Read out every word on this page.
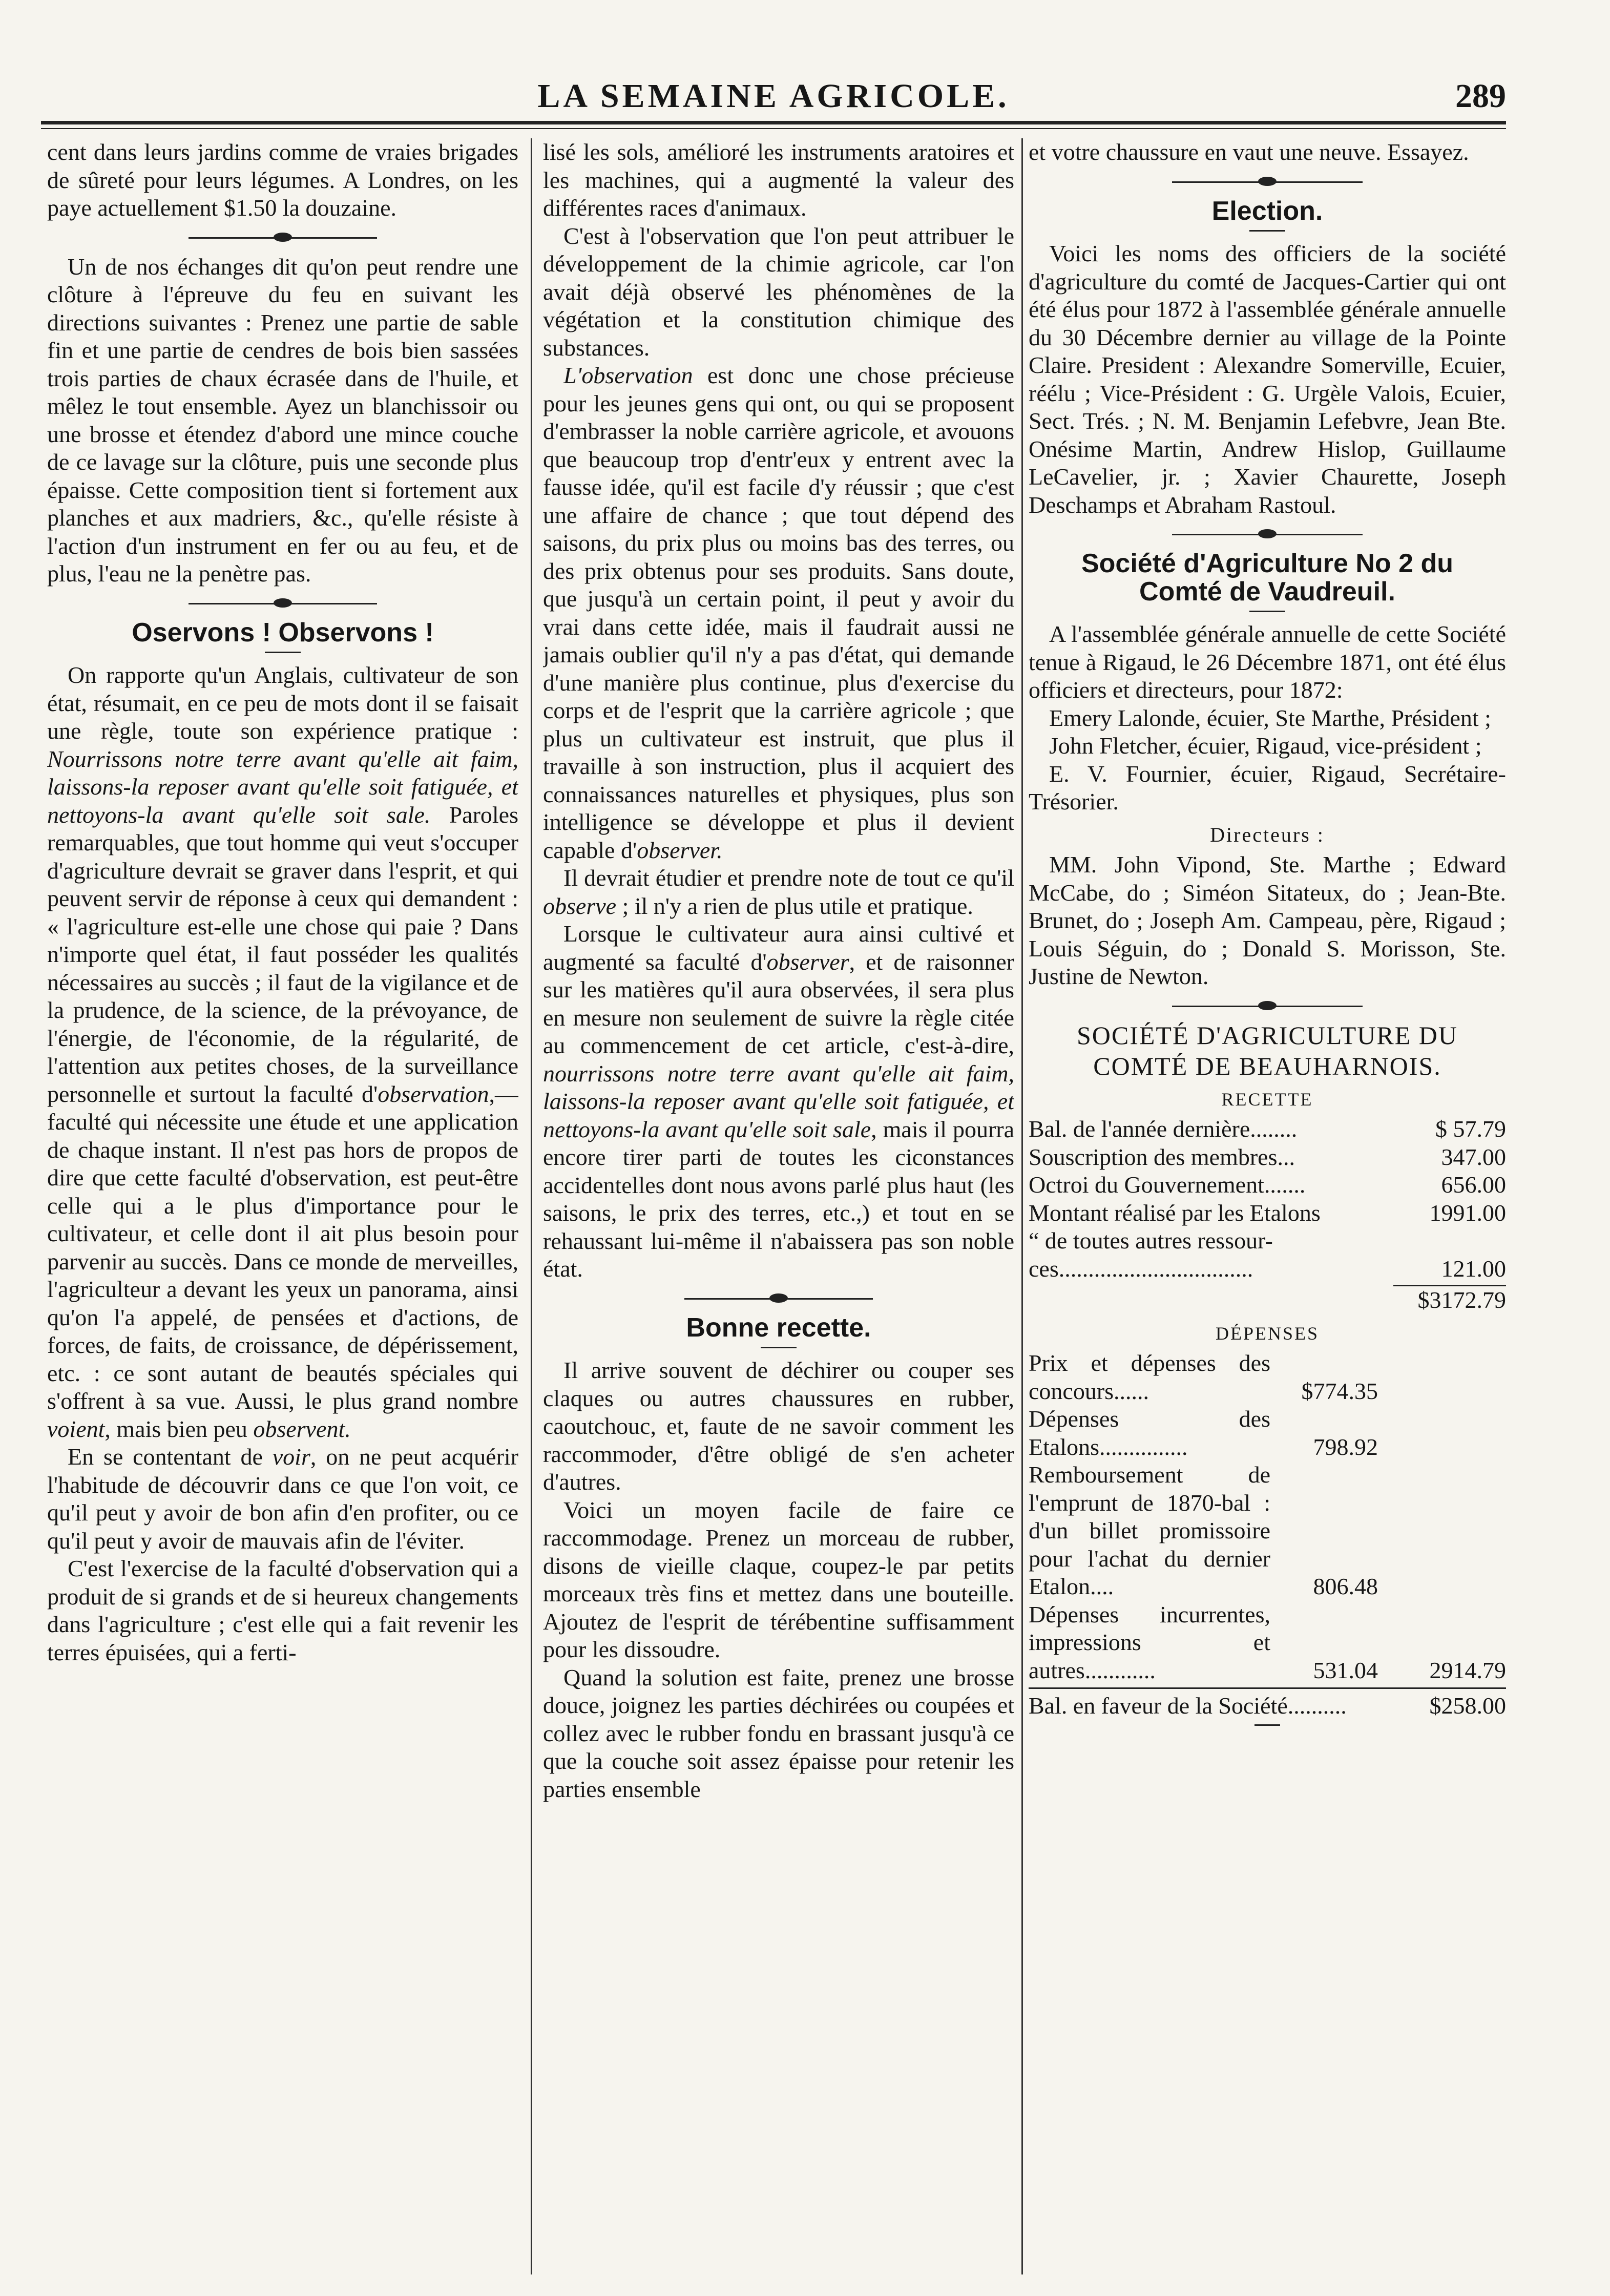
LA SEMAINE AGRICOLE.	289

cent dans leurs jardins comme de vraies brigades de sûreté pour leurs légumes. A Londres, on les paye actuellement $1.50 la douzaine.

Un de nos échanges dit qu'on peut rendre une clôture à l'épreuve du feu en suivant les directions suivantes : Prenez une partie de sable fin et une partie de cendres de bois bien sassées trois parties de chaux écrasée dans de l'huile, et mêlez le tout ensemble. Ayez un blanchissoir ou une brosse et étendez d'abord une mince couche de ce lavage sur la clôture, puis une seconde plus épaisse. Cette composition tient si fortement aux planches et aux madriers, &c., qu'elle résiste à l'action d'un instrument en fer ou au feu, et de plus, l'eau ne la penètre pas.

Oservons ! Observons !

On rapporte qu'un Anglais, cultivateur de son état, résumait, en ce peu de mots dont il se faisait une règle, toute son expérience pratique : Nourrissons notre terre avant qu'elle ait faim, laissons-la reposer avant qu'elle soit fatiguée, et nettoyons-la avant qu'elle soit sale. Paroles remarquables, que tout homme qui veut s'occuper d'agriculture devrait se graver dans l'esprit, et qui peuvent servir de réponse à ceux qui demandent : « l'agriculture est-elle une chose qui paie ? Dans n'importe quel état, il faut posséder les qualités nécessaires au succès ; il faut de la vigilance et de la prudence, de la science, de la prévoyance, de l'énergie, de l'économie, de la régularité, de l'attention aux petites choses, de la surveillance personnelle et surtout la faculté d'observation,—faculté qui nécessite une étude et une application de chaque instant. Il n'est pas hors de propos de dire que cette faculté d'observation, est peut-être celle qui a le plus d'importance pour le cultivateur, et celle dont il ait plus besoin pour parvenir au succès. Dans ce monde de merveilles, l'agriculteur a devant les yeux un panorama, ainsi qu'on l'a appelé, de pensées et d'actions, de forces, de faits, de croissance, de dépérissement, etc. : ce sont autant de beautés spéciales qui s'offrent à sa vue. Aussi, le plus grand nombre voient, mais bien peu observent.

En se contentant de voir, on ne peut acquérir l'habitude de découvrir dans ce que l'on voit, ce qu'il peut y avoir de bon afin d'en profiter, ou ce qu'il peut y avoir de mauvais afin de l'éviter.

C'est l'exercise de la faculté d'observation qui a produit de si grands et de si heureux changements dans l'agriculture ; c'est elle qui a fait revenir les terres épuisées, qui a ferti-

lisé les sols, amélioré les instruments aratoires et les machines, qui a augmenté la valeur des différentes races d'animaux.

C'est à l'observation que l'on peut attribuer le développement de la chimie agricole, car l'on avait déjà observé les phénomènes de la végétation et la constitution chimique des substances.

L'observation est donc une chose précieuse pour les jeunes gens qui ont, ou qui se proposent d'embrasser la noble carrière agricole, et avouons que beaucoup trop d'entr'eux y entrent avec la fausse idée, qu'il est facile d'y réussir ; que c'est une affaire de chance ; que tout dépend des saisons, du prix plus ou moins bas des terres, ou des prix obtenus pour ses produits. Sans doute, que jusqu'à un certain point, il peut y avoir du vrai dans cette idée, mais il faudrait aussi ne jamais oublier qu'il n'y a pas d'état, qui demande d'une manière plus continue, plus d'exercise du corps et de l'esprit que la carrière agricole ; que plus un cultivateur est instruit, que plus il travaille à son instruction, plus il acquiert des connaissances naturelles et physiques, plus son intelligence se développe et plus il devient capable d'observer.

Il devrait étudier et prendre note de tout ce qu'il observe ; il n'y a rien de plus utile et pratique.

Lorsque le cultivateur aura ainsi cultivé et augmenté sa faculté d'observer, et de raisonner sur les matières qu'il aura observées, il sera plus en mesure non seulement de suivre la règle citée au commencement de cet article, c'est-à-dire, nourrissons notre terre avant qu'elle ait faim, laissons-la reposer avant qu'elle soit fatiguée, et nettoyons-la avant qu'elle soit sale, mais il pourra encore tirer parti de toutes les ciconstances accidentelles dont nous avons parlé plus haut (les saisons, le prix des terres, etc.,) et tout en se rehaussant lui-même il n'abaissera pas son noble état.

Bonne recette.

Il arrive souvent de déchirer ou couper ses claques ou autres chaussures en rubber, caoutchouc, et, faute de ne savoir comment les raccommoder, d'être obligé de s'en acheter d'autres.

Voici un moyen facile de faire ce raccommodage. Prenez un morceau de rubber, disons de vieille claque, coupez-le par petits morceaux très fins et mettez dans une bouteille. Ajoutez de l'esprit de térébentine suffisamment pour les dissoudre.

Quand la solution est faite, prenez une brosse douce, joignez les parties déchirées ou coupées et collez avec le rubber fondu en brassant jusqu'à ce que la couche soit assez épaisse pour retenir les parties ensemble

et votre chaussure en vaut une neuve. Essayez.

Election.

Voici les noms des officiers de la société d'agriculture du comté de Jacques-Cartier qui ont été élus pour 1872 à l'assemblée générale annuelle du 30 Décembre dernier au village de la Pointe Claire. President : Alexandre Somerville, Ecuier, réélu ; Vice-Président : G. Urgèle Valois, Ecuier, Sect. Trés. ; N. M. Benjamin Lefebvre, Jean Bte. Onésime Martin, Andrew Hislop, Guillaume LeCavelier, jr. ; Xavier Chaurette, Joseph Deschamps et Abraham Rastoul.

Société d'Agriculture No 2 du
Comté de Vaudreuil.

A l'assemblée générale annuelle de cette Société tenue à Rigaud, le 26 Décembre 1871, ont été élus officiers et directeurs, pour 1872:

Emery Lalonde, écuier, Ste Marthe, Président ;

John Fletcher, écuier, Rigaud, vice-président ;

E. V. Fournier, écuier, Rigaud, Secrétaire-Trésorier.

Directeurs :

MM. John Vipond, Ste. Marthe ; Edward McCabe, do ; Siméon Sitateux, do ; Jean-Bte. Brunet, do ; Joseph Am. Campeau, père, Rigaud ; Louis Séguin, do ; Donald S. Morisson, Ste. Justine de Newton.

SOCIÉTÉ D'AGRICULTURE DU
COMTÉ DE BEAUHARNOIS.
RECETTE
Bal. de l'année dernière........	$ 57.79
Souscription des membres...	347.00
Octroi du Gouvernement.......	656.00
Montant réalisé par les Etalons	1991.00
“ de toutes autres ressour-
ces.................................	121.00
$3172.79
DÉPENSES
Prix et dépenses des concours......	$774.35
Dépenses des Etalons...............	798.92
Remboursement de l'emprunt de 1870-bal : d'un billet promissoire pour l'achat du dernier Etalon....	806.48
Dépenses incurrentes, impressions et autres............	531.04	2914.79
Bal. en faveur de la Société..........	$258.00
